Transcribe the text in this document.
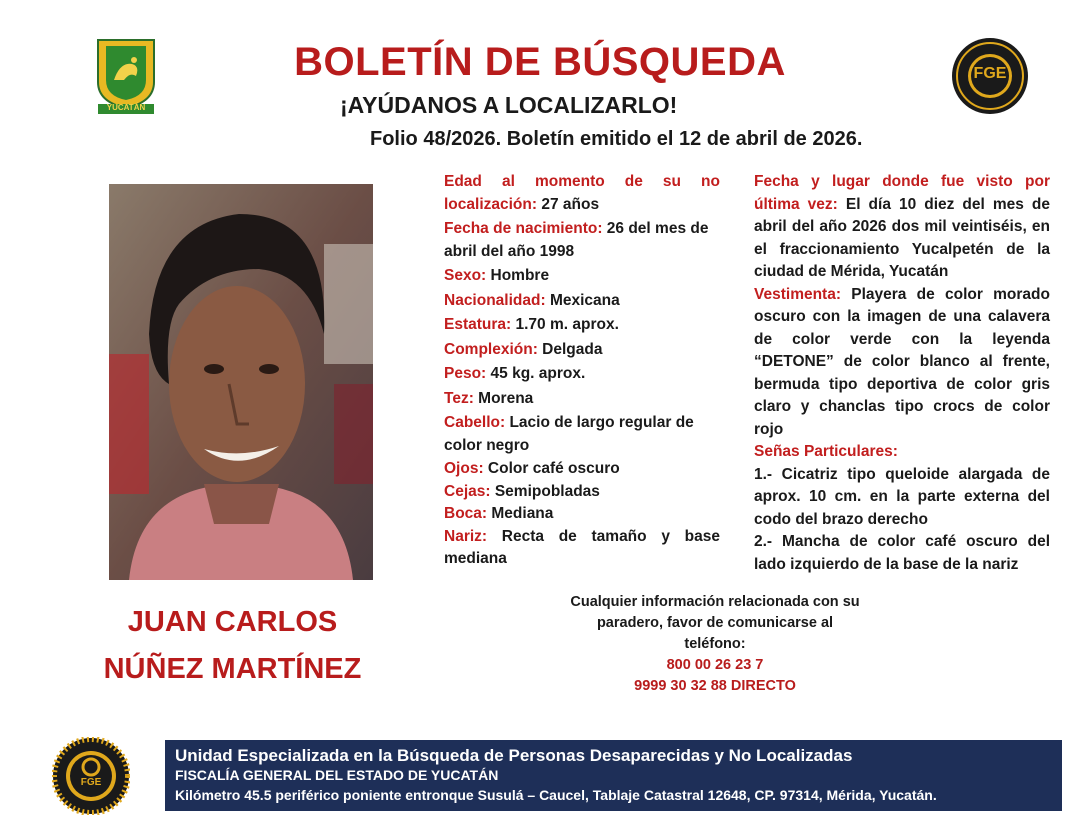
YUCATÁN
FGE
BOLETÍN DE BÚSQUEDA
¡AYÚDANOS A LOCALIZARLO!
Folio 48/2026. Boletín emitido el 12 de abril de 2026.
JUAN CARLOS
NÚÑEZ MARTÍNEZ

Edad al momento de su no localización: 27 años

Fecha de nacimiento: 26 del mes de abril del año 1998

Sexo: Hombre

Nacionalidad: Mexicana

Estatura: 1.70 m. aprox.

Complexión: Delgada

Peso: 45 kg. aprox.

Tez: Morena

Cabello: Lacio de largo regular de color negro

Ojos: Color café oscuro

Cejas: Semipobladas

Boca: Mediana

Nariz: Recta de tamaño y base mediana

Fecha y lugar donde fue visto por última vez: El día 10 diez del mes de abril del año 2026 dos mil veintiséis, en el fraccionamiento Yucalpetén de la ciudad de Mérida, Yucatán

Vestimenta: Playera de color morado oscuro con la imagen de una calavera de color verde con la leyenda “DETONE” de color blanco al frente, bermuda tipo deportiva de color gris claro y chanclas tipo crocs de color rojo

Señas Particulares:

1.- Cicatriz tipo queloide alargada de aprox. 10 cm. en la parte externa del codo del brazo derecho

2.- Mancha de color café oscuro del lado izquierdo de la base de la nariz

Cualquier información relacionada con su
paradero, favor de comunicarse al
teléfono:
800 00 26 23 7
9999 30 32 88 DIRECTO
FGE
Unidad Especializada en la Búsqueda de Personas Desaparecidas y No Localizadas
FISCALÍA GENERAL DEL ESTADO DE YUCATÁN
Kilómetro 45.5 periférico poniente entronque Susulá – Caucel, Tablaje Catastral 12648, CP. 97314, Mérida, Yucatán.
